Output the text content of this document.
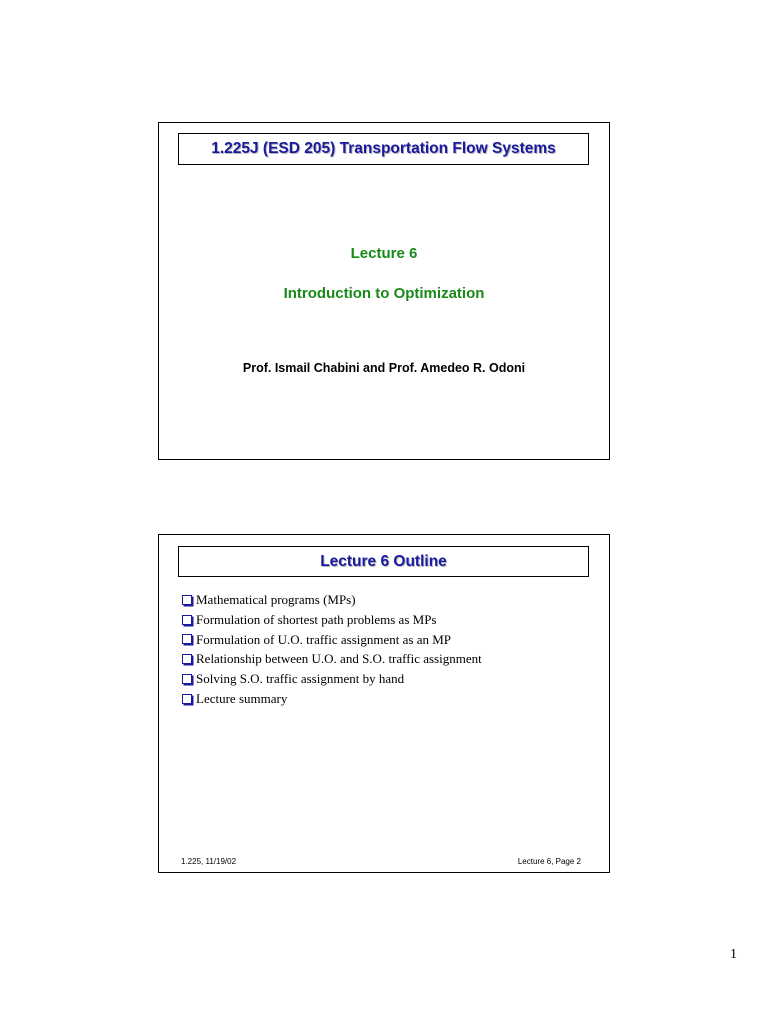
1.225J (ESD 205) Transportation Flow Systems
Lecture 6
Introduction to Optimization
Prof. Ismail Chabini and Prof. Amedeo R. Odoni
Lecture 6 Outline
Mathematical programs (MPs)
Formulation of shortest path problems as MPs
Formulation of U.O. traffic assignment as an MP
Relationship between U.O. and S.O. traffic assignment
Solving S.O. traffic assignment by hand
Lecture summary
1.225, 11/19/02	Lecture 6, Page 2
1
